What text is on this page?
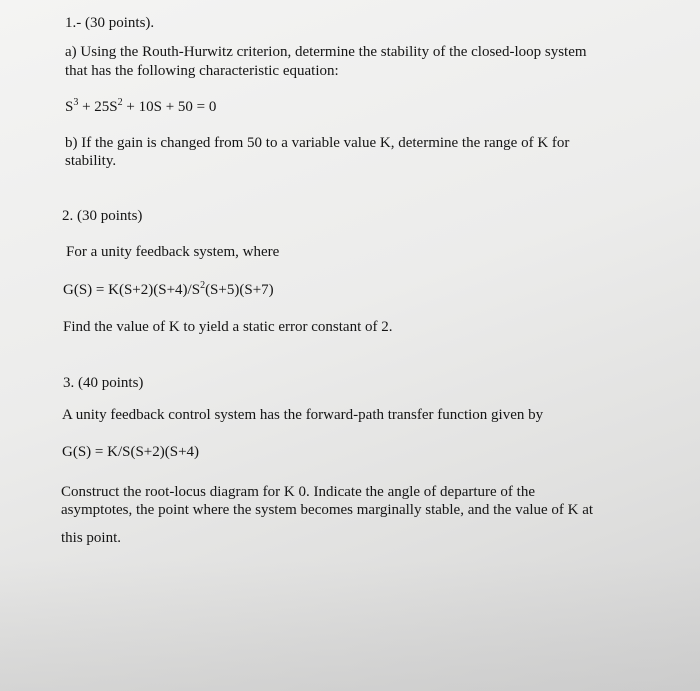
1.- (30 points).
a) Using the Routh-Hurwitz criterion, determine the stability of the closed-loop system
that has the following characteristic equation:
$S^3 + 25S^2 + 10S + 50 = 0$
b) If the gain is changed from 50 to a variable value K, determine the range of K for
stability.
2. (30 points)
For a unity feedback system, where
$G(S) = K(S+2)(S+4)/S^2(S+5)(S+7)$
Find the value of K to yield a static error constant of 2.
3. (40 points)
A unity feedback control system has the forward-path transfer function given by
G(S) = K/S(S+2)(S+4)
Construct the root-locus diagram for K 0. Indicate the angle of departure of the
asymptotes, the point where the system becomes marginally stable, and the value of K at
this point.
